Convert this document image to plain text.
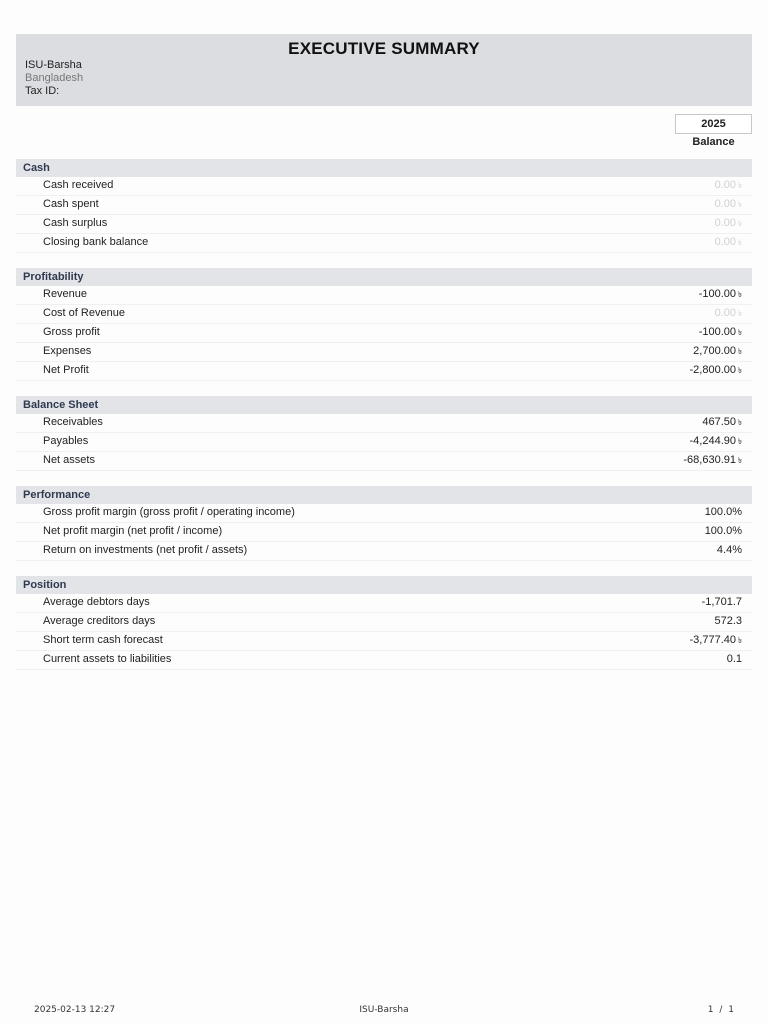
EXECUTIVE SUMMARY
ISU-Barsha
Bangladesh
Tax ID:
2025
Balance
Cash
Cash received	0.00 ৳
Cash spent	0.00 ৳
Cash surplus	0.00 ৳
Closing bank balance	0.00 ৳
Profitability
Revenue	-100.00 ৳
Cost of Revenue	0.00 ৳
Gross profit	-100.00 ৳
Expenses	2,700.00 ৳
Net Profit	-2,800.00 ৳
Balance Sheet
Receivables	467.50 ৳
Payables	-4,244.90 ৳
Net assets	-68,630.91 ৳
Performance
Gross profit margin (gross profit / operating income)	100.0%
Net profit margin (net profit / income)	100.0%
Return on investments (net profit / assets)	4.4%
Position
Average debtors days	-1,701.7
Average creditors days	572.3
Short term cash forecast	-3,777.40 ৳
Current assets to liabilities	0.1
2025-02-13 12:27	ISU-Barsha	1 / 1
